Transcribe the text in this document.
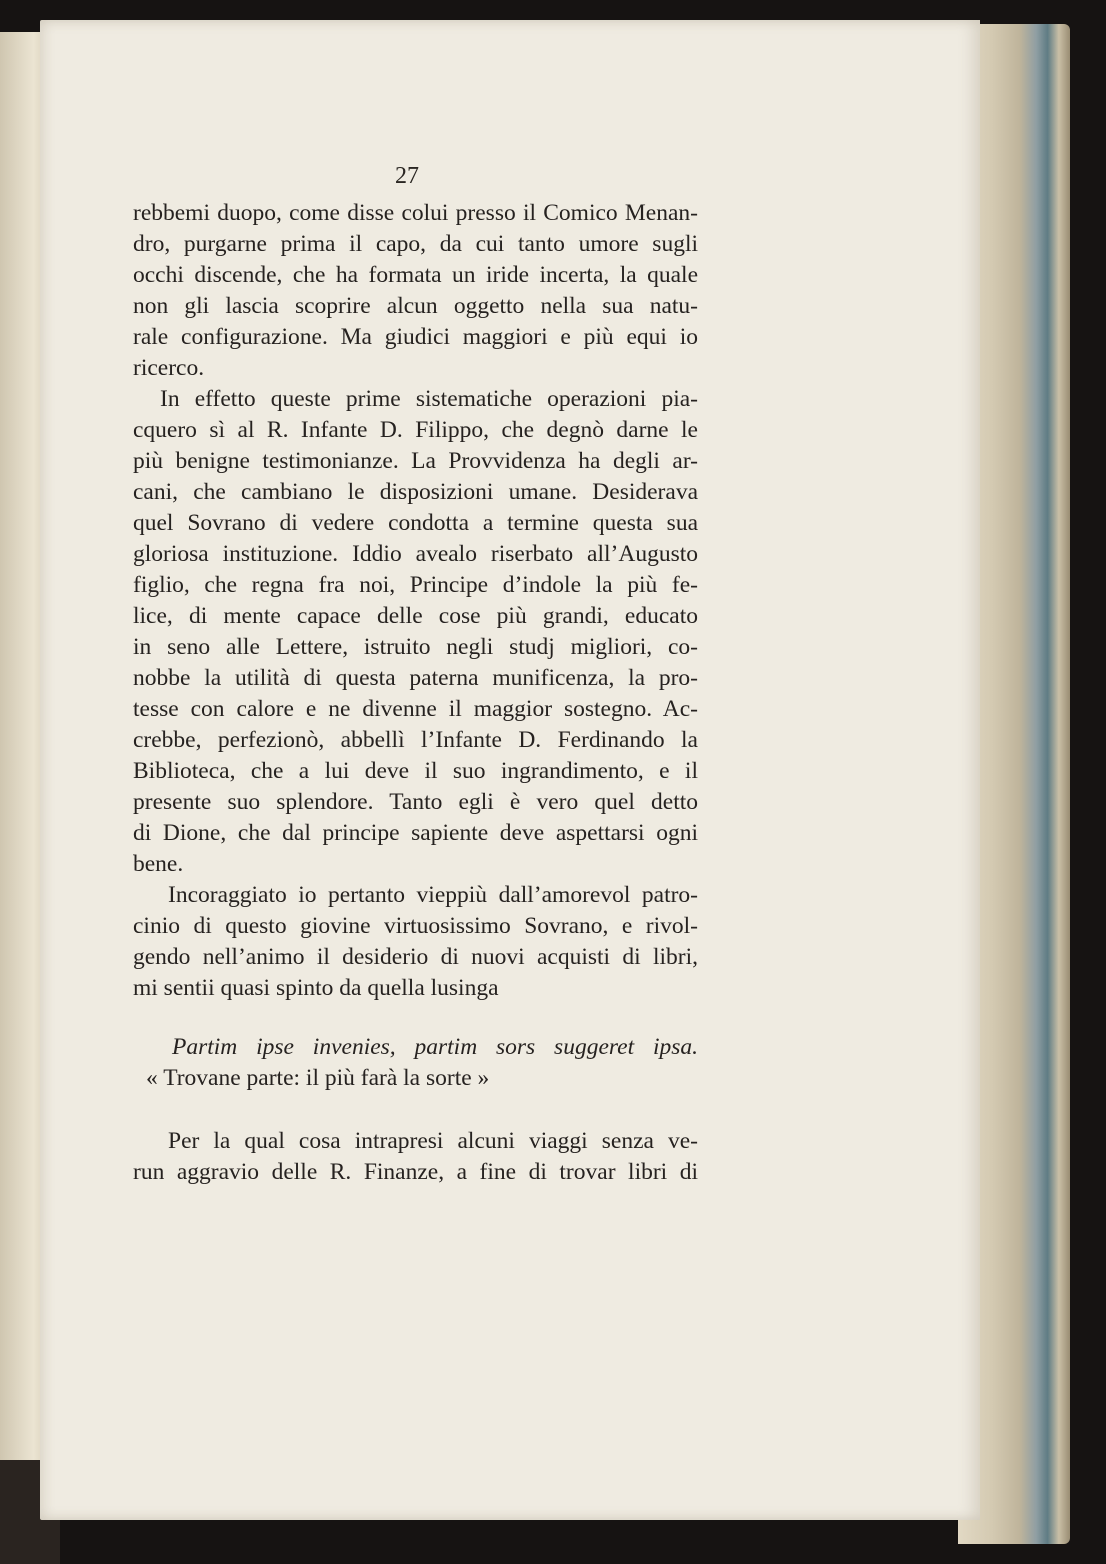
27
rebbemi duopo, come disse colui presso il Comico Menan-
dro, purgarne prima il capo, da cui tanto umore sugli
occhi discende, che ha formata un iride incerta, la quale
non gli lascia scoprire alcun oggetto nella sua natu-
rale configurazione. Ma giudici maggiori e più equi io
ricerco.
In effetto queste prime sistematiche operazioni pia-
cquero sì al R. Infante D. Filippo, che degnò darne le
più benigne testimonianze. La Provvidenza ha degli ar-
cani, che cambiano le disposizioni umane. Desiderava
quel Sovrano di vedere condotta a termine questa sua
gloriosa instituzione. Iddio avealo riserbato all’Augusto
figlio, che regna fra noi, Principe d’indole la più fe-
lice, di mente capace delle cose più grandi, educato
in seno alle Lettere, istruito negli studj migliori, co-
nobbe la utilità di questa paterna munificenza, la pro-
tesse con calore e ne divenne il maggior sostegno. Ac-
crebbe, perfezionò, abbellì l’Infante D. Ferdinando la
Biblioteca, che a lui deve il suo ingrandimento, e il
presente suo splendore. Tanto egli è vero quel detto
di Dione, che dal principe sapiente deve aspettarsi ogni
bene.
Incoraggiato io pertanto vieppiù dall’amorevol patro-
cinio di questo giovine virtuosissimo Sovrano, e rivol-
gendo nell’animo il desiderio di nuovi acquisti di libri,
mi sentii quasi spinto da quella lusinga
Partim ipse invenies, partim sors suggeret ipsa.
« Trovane parte: il più farà la sorte »
Per la qual cosa intrapresi alcuni viaggi senza ve-
run aggravio delle R. Finanze, a fine di trovar libri di
